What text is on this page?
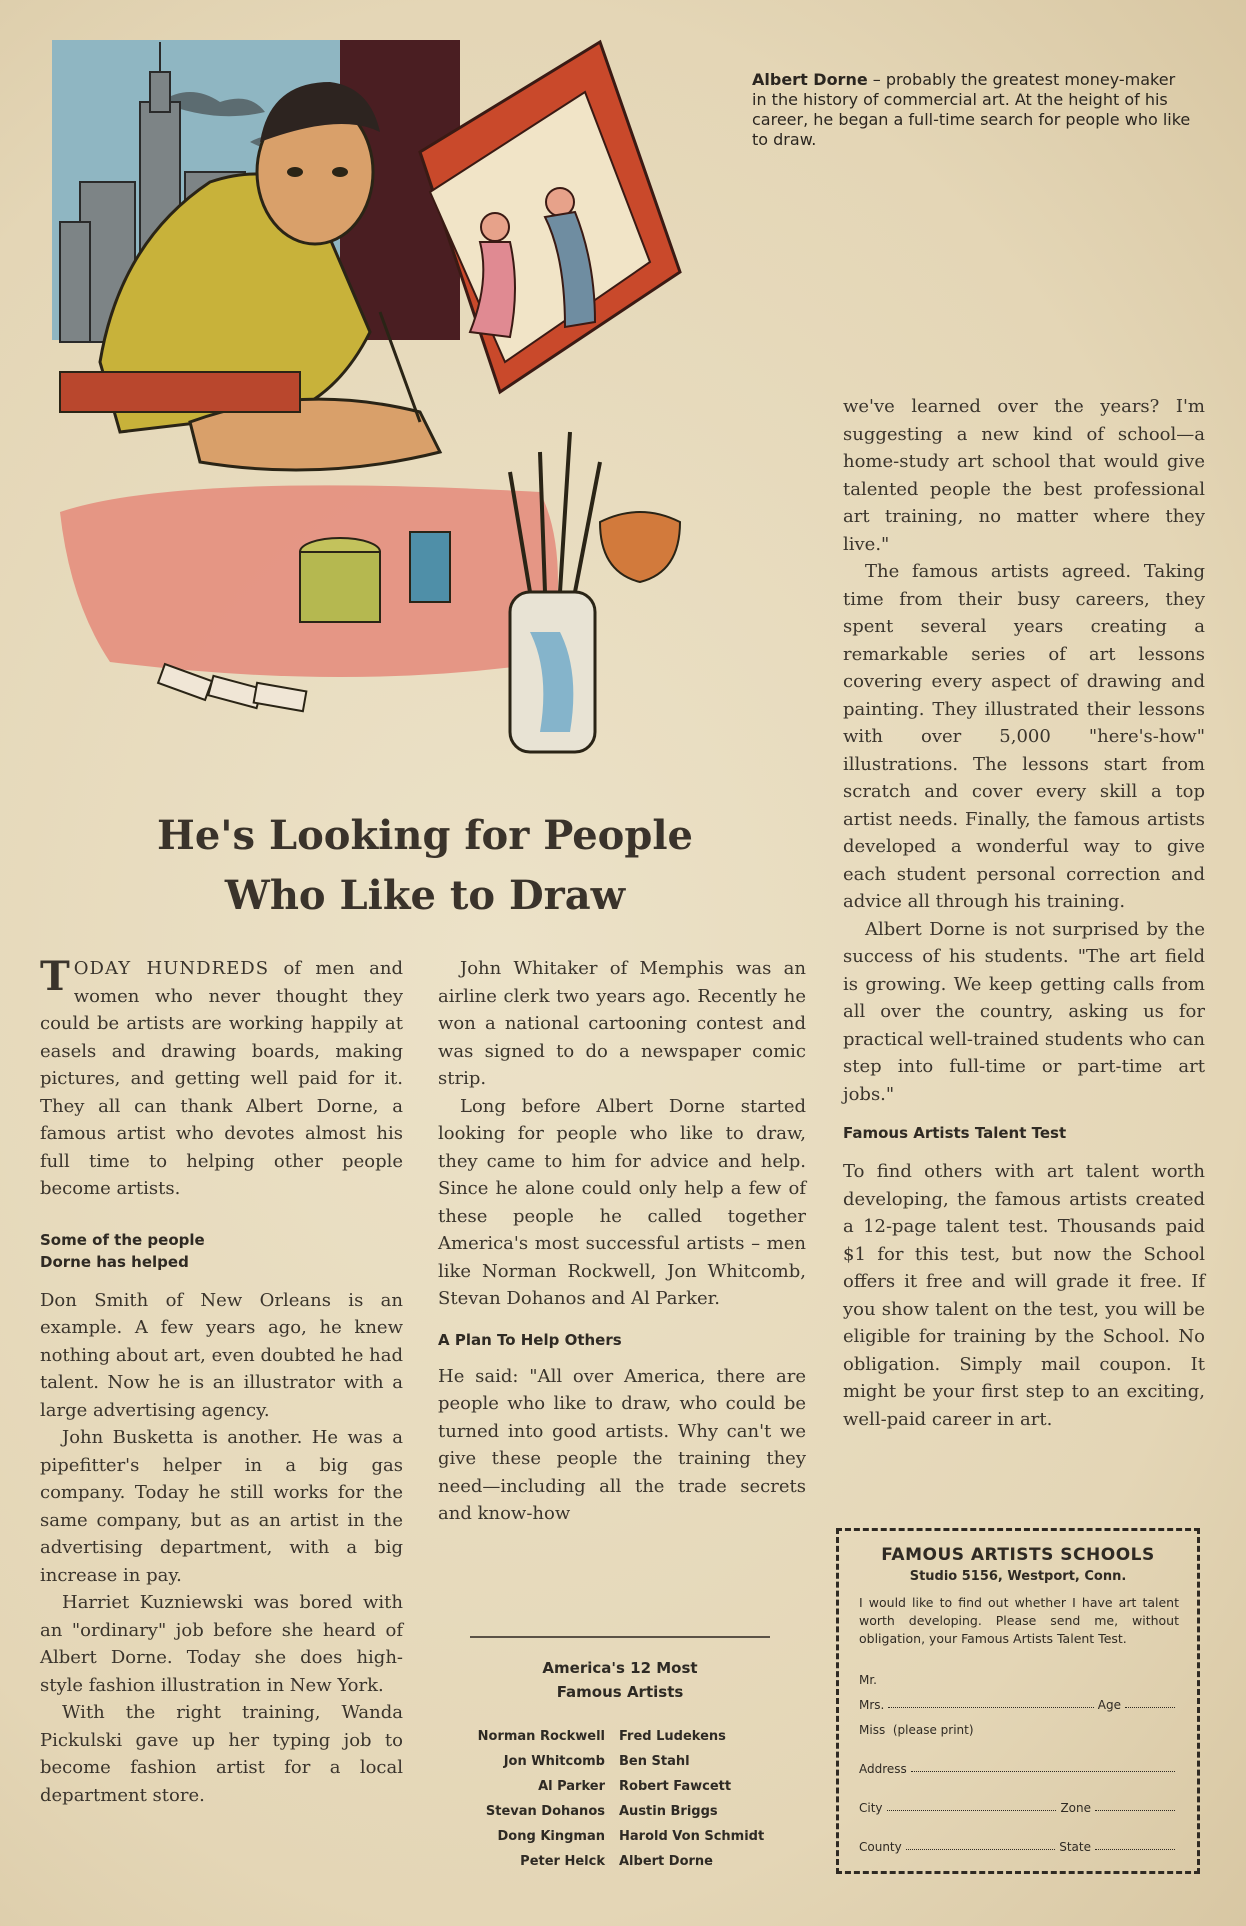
Albert Dorne – probably the greatest money-maker in the history of commercial art. At the height of his career, he began a full-time search for people who like to draw.
He's Looking for People
Who Like to Draw

TODAY HUNDREDS of men and women who never thought they could be artists are working happily at easels and drawing boards, making pictures, and getting well paid for it. They all can thank Albert Dorne, a famous artist who devotes almost his full time to helping other people become artists.

Some of the people
Dorne has helped

Don Smith of New Orleans is an example. A few years ago, he knew nothing about art, even doubted he had talent. Now he is an illustrator with a large advertising agency.

John Busketta is another. He was a pipefitter's helper in a big gas company. Today he still works for the same company, but as an artist in the advertising department, with a big increase in pay.

Harriet Kuzniewski was bored with an "ordinary" job before she heard of Albert Dorne. Today she does high-style fashion illustration in New York.

With the right training, Wanda Pickulski gave up her typing job to become fashion artist for a local department store.

John Whitaker of Memphis was an airline clerk two years ago. Recently he won a national cartooning contest and was signed to do a newspaper comic strip.

Long before Albert Dorne started looking for people who like to draw, they came to him for advice and help. Since he alone could only help a few of these people he called together America's most successful artists – men like Norman Rockwell, Jon Whitcomb, Stevan Dohanos and Al Parker.

A Plan To Help Others

He said: "All over America, there are people who like to draw, who could be turned into good artists. Why can't we give these people the training they need—including all the trade secrets and know-how

America's 12 Most
Famous Artists
Norman Rockwell	Fred Ludekens
Jon Whitcomb	Ben Stahl
Al Parker	Robert Fawcett
Stevan Dohanos	Austin Briggs
Dong Kingman	Harold Von Schmidt
Peter Helck	Albert Dorne

we've learned over the years? I'm suggesting a new kind of school—a home-study art school that would give talented people the best professional art training, no matter where they live."

The famous artists agreed. Taking time from their busy careers, they spent several years creating a remarkable series of art lessons covering every aspect of drawing and painting. They illustrated their lessons with over 5,000 "here's-how" illustrations. The lessons start from scratch and cover every skill a top artist needs. Finally, the famous artists developed a wonderful way to give each student personal correction and advice all through his training.

Albert Dorne is not surprised by the success of his students. "The art field is growing. We keep getting calls from all over the country, asking us for practical well-trained students who can step into full-time or part-time art jobs."

Famous Artists Talent Test

To find others with art talent worth developing, the famous artists created a 12-page talent test. Thousands paid $1 for this test, but now the School offers it free and will grade it free. If you show talent on the test, you will be eligible for training by the School. No obligation. Simply mail coupon. It might be your first step to an exciting, well-paid career in art.

FAMOUS ARTISTS SCHOOLS
Studio 5156, Westport, Conn.
I would like to find out whether I have art talent worth developing. Please send me, without obligation, your Famous Artists Talent Test.
Mr.
Mrs.	Age
Miss
(please print)
Address
City	Zone
County	State
